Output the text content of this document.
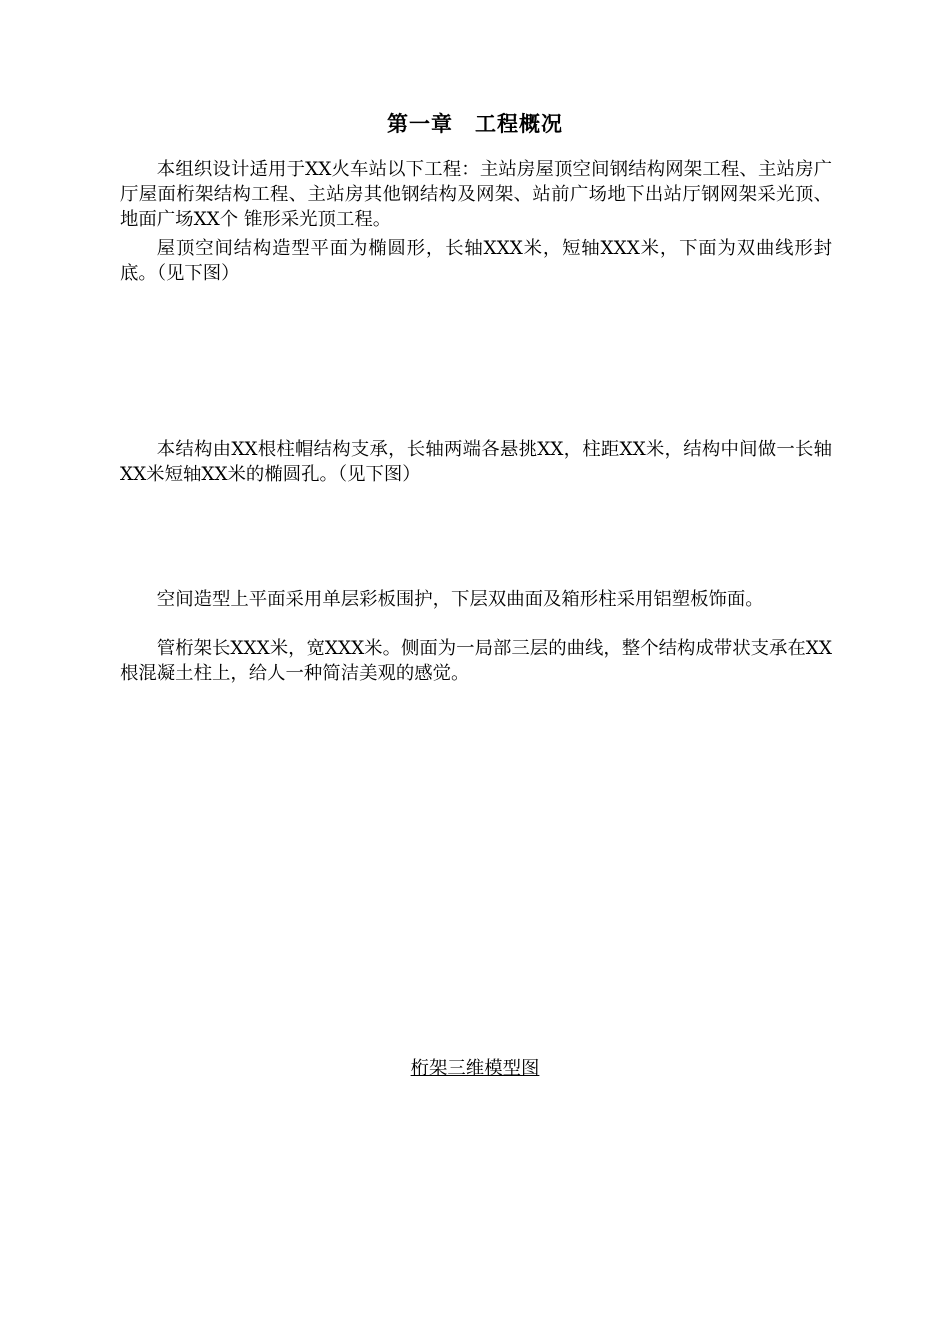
第一章　工程概况

本组织设计适用于XX火车站以下工程：主站房屋顶空间钢结构网架工程、主站房广厅屋面桁架结构工程、主站房其他钢结构及网架、站前广场地下出站厅钢网架采光顶、地面广场XX个 锥形采光顶工程。

屋顶空间结构造型平面为椭圆形，长轴XXX米，短轴XXX米，下面为双曲线形封底。（见下图）

本结构由XX根柱帽结构支承，长轴两端各悬挑XX，柱距XX米，结构中间做一长轴XX米短轴XX米的椭圆孔。（见下图）

空间造型上平面采用单层彩板围护，下层双曲面及箱形柱采用铝塑板饰面。

管桁架长XXX米，宽XXX米。侧面为一局部三层的曲线，整个结构成带状支承在XX根混凝土柱上，给人一种简洁美观的感觉。

桁架三维模型图
